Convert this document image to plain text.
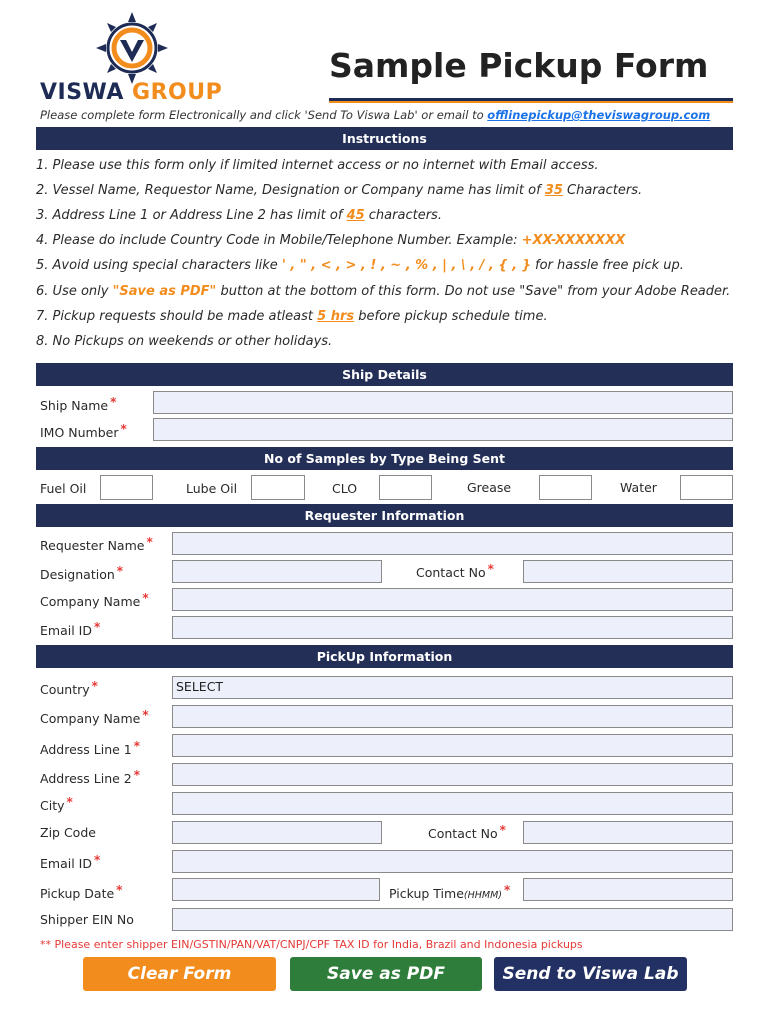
VISWA GROUP
Sample Pickup Form
Please complete form Electronically and click 'Send To Viswa Lab' or email to offlinepickup@theviswagroup.com
Instructions
1. Please use this form only if limited internet access or no internet with Email access.
2. Vessel Name, Requestor Name, Designation or Company name has limit of 35 Characters.
3. Address Line 1 or Address Line 2 has limit of 45 characters.
4. Please do include Country Code in Mobile/Telephone Number. Example: +XX-XXXXXXX
5. Avoid using special characters like ' , " , < , > , ! , ~ , % , | , \ , / , { , } for hassle free pick up.
6. Use only "Save as PDF" button at the bottom of this form. Do not use "Save" from your Adobe Reader.
7. Pickup requests should be made atleast 5 hrs before pickup schedule time.
8. No Pickups on weekends or other holidays.
Ship Details
Ship Name *
IMO Number *
No of Samples by Type Being Sent
Fuel Oil	Lube Oil	CLO	Grease	Water
Requester Information
Requester Name *
Designation *	Contact No *
Company Name *
Email ID *
PickUp Information
Country *	SELECT
Company Name *
Address Line 1 *
Address Line 2 *
City *
Zip Code	Contact No *
Email ID *
Pickup Date *	Pickup Time(HHMM) *
Shipper EIN No
** Please enter shipper EIN/GSTIN/PAN/VAT/CNPJ/CPF TAX ID for India, Brazil and Indonesia pickups
Clear Form	Save as PDF	Send to Viswa Lab
